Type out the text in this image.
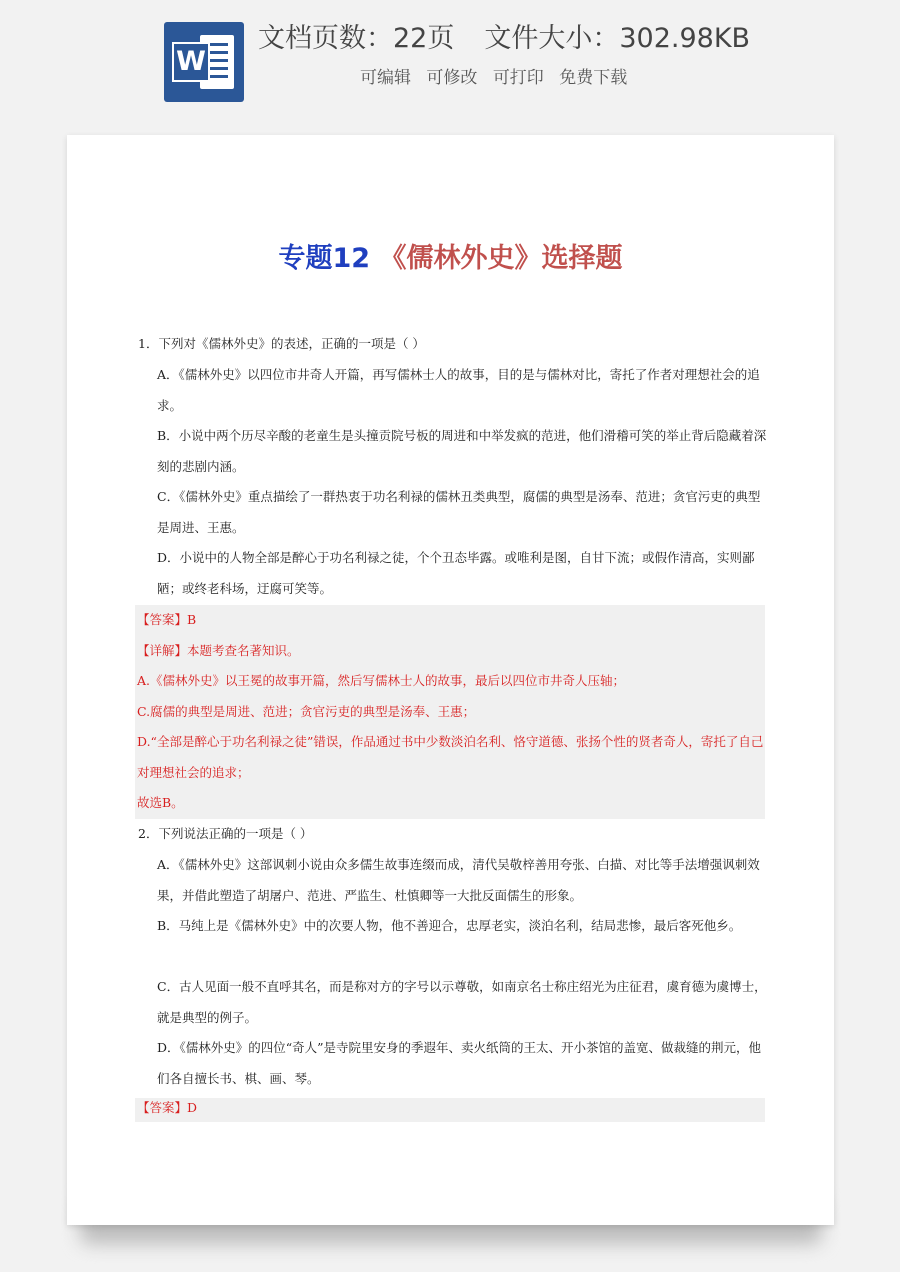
W
文档页数：22页 文件大小：302.98KB
可编辑 可修改 可打印 免费下载
专题12 《儒林外史》选择题
1．下列对《儒林外史》的表述，正确的一项是（ ）
A．《儒林外史》以四位市井奇人开篇，再写儒林士人的故事，目的是与儒林对比，寄托了作者对理想社会的追求。
B．小说中两个历尽辛酸的老童生是头撞贡院号板的周进和中举发疯的范进，他们滑稽可笑的举止背后隐藏着深刻的悲剧内涵。
C．《儒林外史》重点描绘了一群热衷于功名利禄的儒林丑类典型，腐儒的典型是汤奉、范进；贪官污吏的典型是周进、王惠。
D．小说中的人物全部是醉心于功名利禄之徒，个个丑态毕露。或唯利是图，自甘下流；或假作清高，实则鄙陋；或终老科场，迂腐可笑等。
【答案】B
【详解】本题考查名著知识。
A.《儒林外史》以王冕的故事开篇，然后写儒林士人的故事，最后以四位市井奇人压轴；
C.腐儒的典型是周进、范进；贪官污吏的典型是汤奉、王惠；
D.“全部是醉心于功名利禄之徒”错误，作品通过书中少数淡泊名利、恪守道德、张扬个性的贤者奇人，寄托了自己对理想社会的追求；
故选B。
2．下列说法正确的一项是（ ）
A．《儒林外史》这部讽刺小说由众多儒生故事连缀而成，清代吴敬梓善用夸张、白描、对比等手法增强讽刺效果，并借此塑造了胡屠户、范进、严监生、杜慎卿等一大批反面儒生的形象。
B．马纯上是《儒林外史》中的次要人物，他不善迎合，忠厚老实，淡泊名利，结局悲惨，最后客死他乡。
C．古人见面一般不直呼其名，而是称对方的字号以示尊敬，如南京名士称庄绍光为庄征君，虞育德为虞博士，就是典型的例子。
D．《儒林外史》的四位“奇人”是寺院里安身的季遐年、卖火纸筒的王太、开小茶馆的盖宽、做裁缝的荆元，他们各自擅长书、棋、画、琴。
【答案】D
